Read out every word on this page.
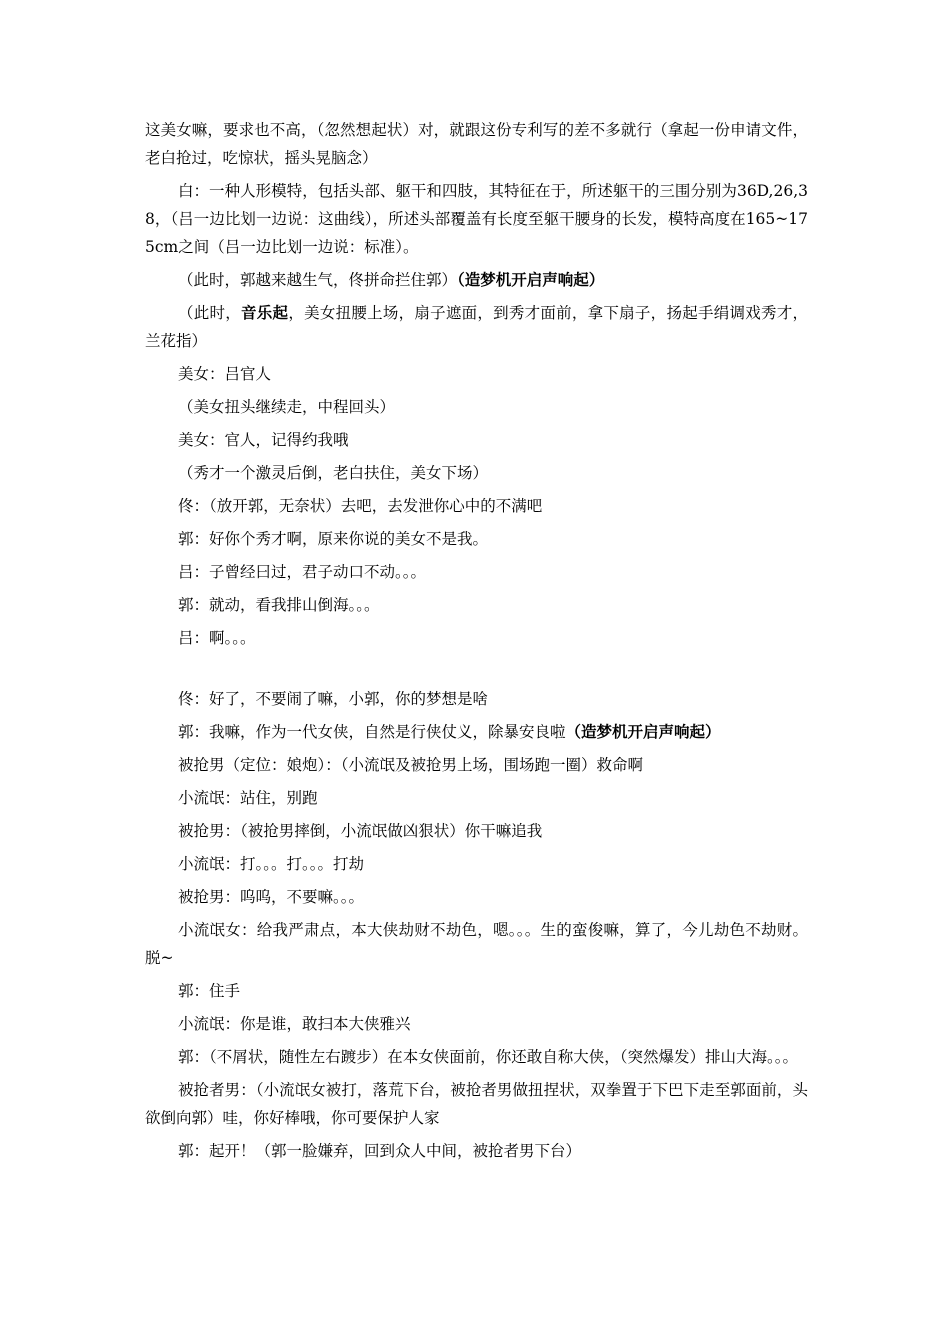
这美女嘛，要求也不高，（忽然想起状）对，就跟这份专利写的差不多就行（拿起一份申请文件，老白抢过，吃惊状，摇头晃脑念）

白：一种人形模特，包括头部、躯干和四肢，其特征在于，所述躯干的三围分别为36D,26,38，（吕一边比划一边说：这曲线），所述头部覆盖有长度至躯干腰身的长发，模特高度在165~175cm之间（吕一边比划一边说：标准）。

（此时，郭越来越生气，佟拼命拦住郭）（造梦机开启声响起）

（此时，音乐起，美女扭腰上场，扇子遮面，到秀才面前，拿下扇子，扬起手绢调戏秀才，兰花指）

美女：吕官人

（美女扭头继续走，中程回头）

美女：官人，记得约我哦

（秀才一个激灵后倒，老白扶住，美女下场）

佟：（放开郭，无奈状）去吧，去发泄你心中的不满吧

郭：好你个秀才啊，原来你说的美女不是我。

吕：子曾经曰过，君子动口不动。。。

郭：就动，看我排山倒海。。。

吕：啊。。。

佟：好了，不要闹了嘛，小郭，你的梦想是啥

郭：我嘛，作为一代女侠，自然是行侠仗义，除暴安良啦（造梦机开启声响起）

被抢男（定位：娘炮）：（小流氓及被抢男上场，围场跑一圈）救命啊

小流氓：站住，别跑

被抢男：（被抢男摔倒，小流氓做凶狠状）你干嘛追我

小流氓：打。。。打。。。打劫

被抢男：呜呜，不要嘛。。。

小流氓女：给我严肃点，本大侠劫财不劫色，嗯。。。生的蛮俊嘛，算了，今儿劫色不劫财。脱~

郭：住手

小流氓：你是谁，敢扫本大侠雅兴

郭：（不屑状，随性左右踱步）在本女侠面前，你还敢自称大侠，（突然爆发）排山大海。。。

被抢者男：（小流氓女被打，落荒下台，被抢者男做扭捏状，双拳置于下巴下走至郭面前，头欲倒向郭）哇，你好棒哦，你可要保护人家

郭：起开！（郭一脸嫌弃，回到众人中间，被抢者男下台）
